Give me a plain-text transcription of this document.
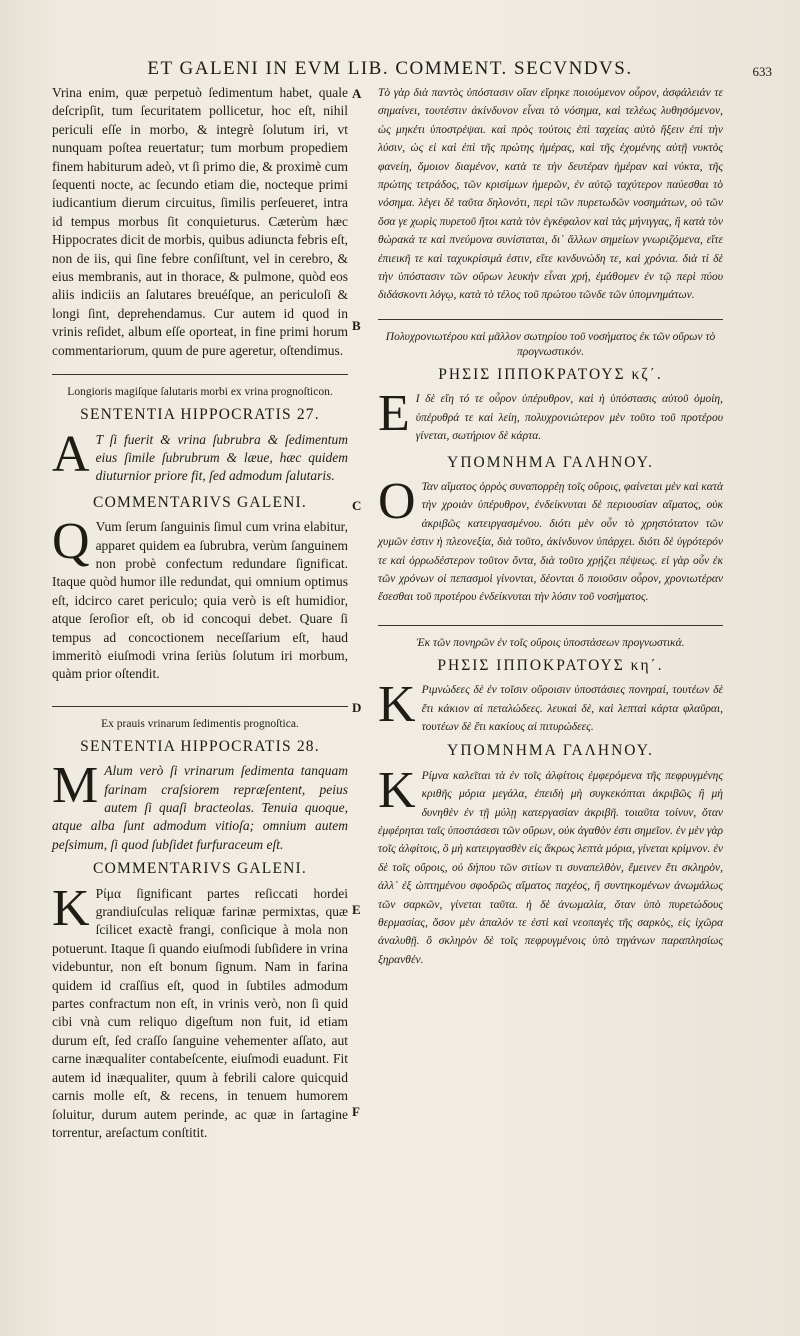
ET GALENI IN EVM LIB. COMMENT. SECVNDVS.	633
A
B
C
D
E
F

Vrina enim, quæ perpetuò ſedimentum habet, quale deſcripſit, tum ſecuritatem pollicetur, hoc eſt, nihil periculi eſſe in morbo, & integrè ſolutum iri, vt nunquam poſtea reuertatur; tum morbum propediem finem habiturum adeò, vt ſi primo die, & proximè cum ſequenti nocte, ac ſecundo etiam die, nocteque primi iudicantium dierum circuitus, ſimilis perſeueret, intra id tempus morbus ſit conquieturus. Cæterùm hæc Hippocrates dicit de morbis, quibus adiuncta febris eſt, non de iis, qui ſine febre conſiſtunt, vel in cerebro, & eius membranis, aut in thorace, & pulmone, quòd eos aliis indiciis an ſalutares breuéſque, an periculoſi & longi ſint, deprehendamus. Cur autem id quod in vrinis reſidet, album eſſe oporteat, in fine primi horum commentariorum, quum de pure ageretur, oſtendimus.

Longioris magiſque ſalutaris morbi ex vrina prognoſticon.
SENTENTIA HIPPOCRATIS 27.

A T ſi fuerit & vrina ſubrubra & ſedimentum eius ſimile ſubrubrum & læue, hæc quidem diuturnior priore fit, ſed admodum ſalutaris.

COMMENTARIVS GALENI.

Q Vum ſerum ſanguinis ſimul cum vrina elabitur, apparet quidem ea ſubrubra, verùm ſanguinem non probè confectum redundare ſignificat. Itaque quòd humor ille redundat, qui omnium optimus eſt, idcirco caret periculo; quia verò is eſt humidior, atque ſeroſior eſt, ob id concoqui debet. Quare ſi tempus ad concoctionem neceſſarium eſt, haud immeritò eiuſmodi vrina ſeriùs ſolutum iri morbum, quàm prior oſtendit.

Ex prauis vrinarum ſedimentis prognoſtica.
SENTENTIA HIPPOCRATIS 28.

M Alum verò ſi vrinarum ſedimenta tanquam farinam craſsiorem repræſentent, peius autem ſi quaſi bracteolas. Tenuia quoque, atque alba ſunt admodum vitioſa; omnium autem peſsimum, ſi quod ſubſidet furfuraceum eſt.

COMMENTARIVS GALENI.

K Ρίμα ſignificant partes reſiccati hordei grandiuſculas reliquæ farinæ permixtas, quæ ſcilicet exactè frangi, conſicique à mola non potuerunt. Itaque ſi quando eiuſmodi ſubſidere in vrina videbuntur, non eſt bonum ſignum. Nam in farina quidem id craſſius eſt, quod in ſubtiles admodum partes confractum non eſt, in vrinis verò, non ſi quid cibi vnà cum reliquo digeſtum non fuit, id etiam durum eſt, ſed craſſo ſanguine vehementer aſſato, aut carne inæqualiter contabeſcente, eiuſmodi euadunt. Fit autem id inæqualiter, quum à febrili calore quicquid carnis molle eſt, & recens, in tenuem humorem ſoluitur, durum autem perinde, ac quæ in ſartagine torrentur, areſactum conſtitit.

Τὸ γὰρ διὰ παντὸς ὑπόστασιν οἵαν εἴρηκε ποιούμενον οὖρον, ἀσφάλειάν τε σημαίνει, τουτέστιν ἀκίνδυνον εἶναι τὸ νόσημα, καὶ τελέως λυθησόμενον, ὡς μηκέτι ὑποστρέψαι. καὶ πρὸς τούτοις ἐπὶ ταχείας αὐτὸ ἥξειν ἐπὶ τὴν λύσιν, ὡς εἰ καὶ ἐπὶ τῆς πρώτης ἡμέρας, καὶ τῆς ἐχομένης αὐτῇ νυκτὸς φανείη, ὅμοιον διαμένον, κατὰ τε τὴν δευτέραν ἡμέραν καὶ νύκτα, τῆς πρώτης τετράδος, τῶν κρισίμων ἡμερῶν, ἐν αὐτῷ ταχύτερον παύεσθαι τὸ νόσημα. λέγει δὲ ταῦτα δηλονότι, περὶ τῶν πυρετωδῶν νοσημάτων, οὐ τῶν ὅσα γε χωρὶς πυρετοῦ ἤτοι κατὰ τὸν ἐγκέφαλον καὶ τὰς μήνιγγας, ἢ κατὰ τὸν θώρακά τε καὶ πνεύμονα συνίσταται, δι᾽ ἄλλων σημείων γνωριζόμενα, εἴτε ἐπιεικῆ τε καὶ ταχυκρίσιμά ἐστιν, εἴτε κινδυνώδη τε, καὶ χρόνια. διὰ τί δὲ τὴν ὑπόστασιν τῶν οὔρων λευκὴν εἶναι χρή, ἐμάθομεν ἐν τῷ περὶ πύου διδάσκοντι λόγῳ, κατὰ τὸ τέλος τοῦ πρώτου τῶνδε τῶν ὑπομνημάτων.

Πολυχρονιωτέρου καὶ μᾶλλον σωτηρίου τοῦ νοσήματος ἐκ τῶν οὔρων τὸ προγνωστικόν.
ΡΗΣΙΣ ΙΠΠΟΚΡΑΤΟΥΣ κζ΄.

Ε Ι δὲ εἴη τό τε οὖρον ὑπέρυθρον, καὶ ἡ ὑπόστασις αὐτοῦ ὁμοίη, ὑπέρυθρά τε καὶ λείη, πολυχρονιώτερον μὲν τοῦτο τοῦ προτέρου γίνεται, σωτήριον δὲ κάρτα.

ΥΠΟΜΝΗΜΑ ΓΑΛΗΝΟΥ.

Ο Ταν αἵματος ὀρρὸς συναπορρέῃ τοῖς οὔροις, φαίνεται μὲν καὶ κατὰ τὴν χροιὰν ὑπέρυθρον, ἐνδείκνυται δὲ περιουσίαν αἵματος, οὐκ ἀκριβῶς κατειργασμένου. διότι μὲν οὖν τὸ χρηστότατον τῶν χυμῶν ἐστιν ἡ πλεονεξία, διὰ τοῦτο, ἀκίνδυνον ὑπάρχει. διότι δὲ ὑγρότερόν τε καὶ ὀρρωδέστερον τοῦτον ὄντα, διὰ τοῦτο χρῄζει πέψεως. εἰ γὰρ οὖν ἐκ τῶν χρόνων οἱ πεπασμοὶ γίνονται, δέονται ὃ ποιοῦσιν οὖρον, χρονιωτέραν ἔσεσθαι τοῦ προτέρου ἐνδείκνυται τὴν λύσιν τοῦ νοσήματος.

Ἐκ τῶν πονηρῶν ἐν τοῖς οὔροις ὑποστάσεων προγνωστικά.
ΡΗΣΙΣ ΙΠΠΟΚΡΑΤΟΥΣ κη΄.

Κ Ριμνώδεες δὲ ἐν τοῖσιν οὔροισιν ὑποστάσιες πονηραί, τουτέων δὲ ἔτι κάκιον αἱ πεταλώδεες. λευκαὶ δὲ, καὶ λεπταὶ κάρτα φλαῦραι, τουτέων δὲ ἔτι κακίους αἱ πιτυρώδεες.

ΥΠΟΜΝΗΜΑ ΓΑΛΗΝΟΥ.

Κ Ρίμνα καλεῖται τὰ ἐν τοῖς ἀλφίτοις ἐμφερόμενα τῆς πεφρυγμένης κριθῆς μόρια μεγάλα, ἐπειδὴ μὴ συγκεκόπται ἀκριβῶς ἢ μὴ δυνηθὲν ἐν τῇ μύλῃ κατεργασίαν ἀκριβῆ. τοιαῦτα τοίνυν, ὅταν ἐμφέρηται ταῖς ὑποστάσεσι τῶν οὔρων, οὐκ ἀγαθὸν ἐστι σημεῖον. ἐν μὲν γὰρ τοῖς ἀλφίτοις, ὃ μὴ κατειργασθὲν εἰς ἄκρως λεπτὰ μόρια, γίνεται κρίμνον. ἐν δὲ τοῖς οὔροις, οὐ δήπου τῶν σιτίων τι συναπελθὸν, ἔμεινεν ἔτι σκληρὸν, ἀλλ᾽ ἐξ ὠπτημένου σφοδρῶς αἵματος παχέος, ἢ συντηκομένων ἀνωμάλως τῶν σαρκῶν, γίνεται ταῦτα. ἡ δὲ ἀνωμαλία, ὅταν ὑπὸ πυρετώδους θερμασίας, ὅσον μὲν ἁπαλόν τε ἐστὶ καὶ νεοπαγὲς τῆς σαρκὸς, εἰς ἰχῶρα ἀναλυθῇ. ὃ σκληρὸν δὲ τοῖς πεφρυγμένοις ὑπὸ τηγάνων παραπλησίως ξηρανθέν.
